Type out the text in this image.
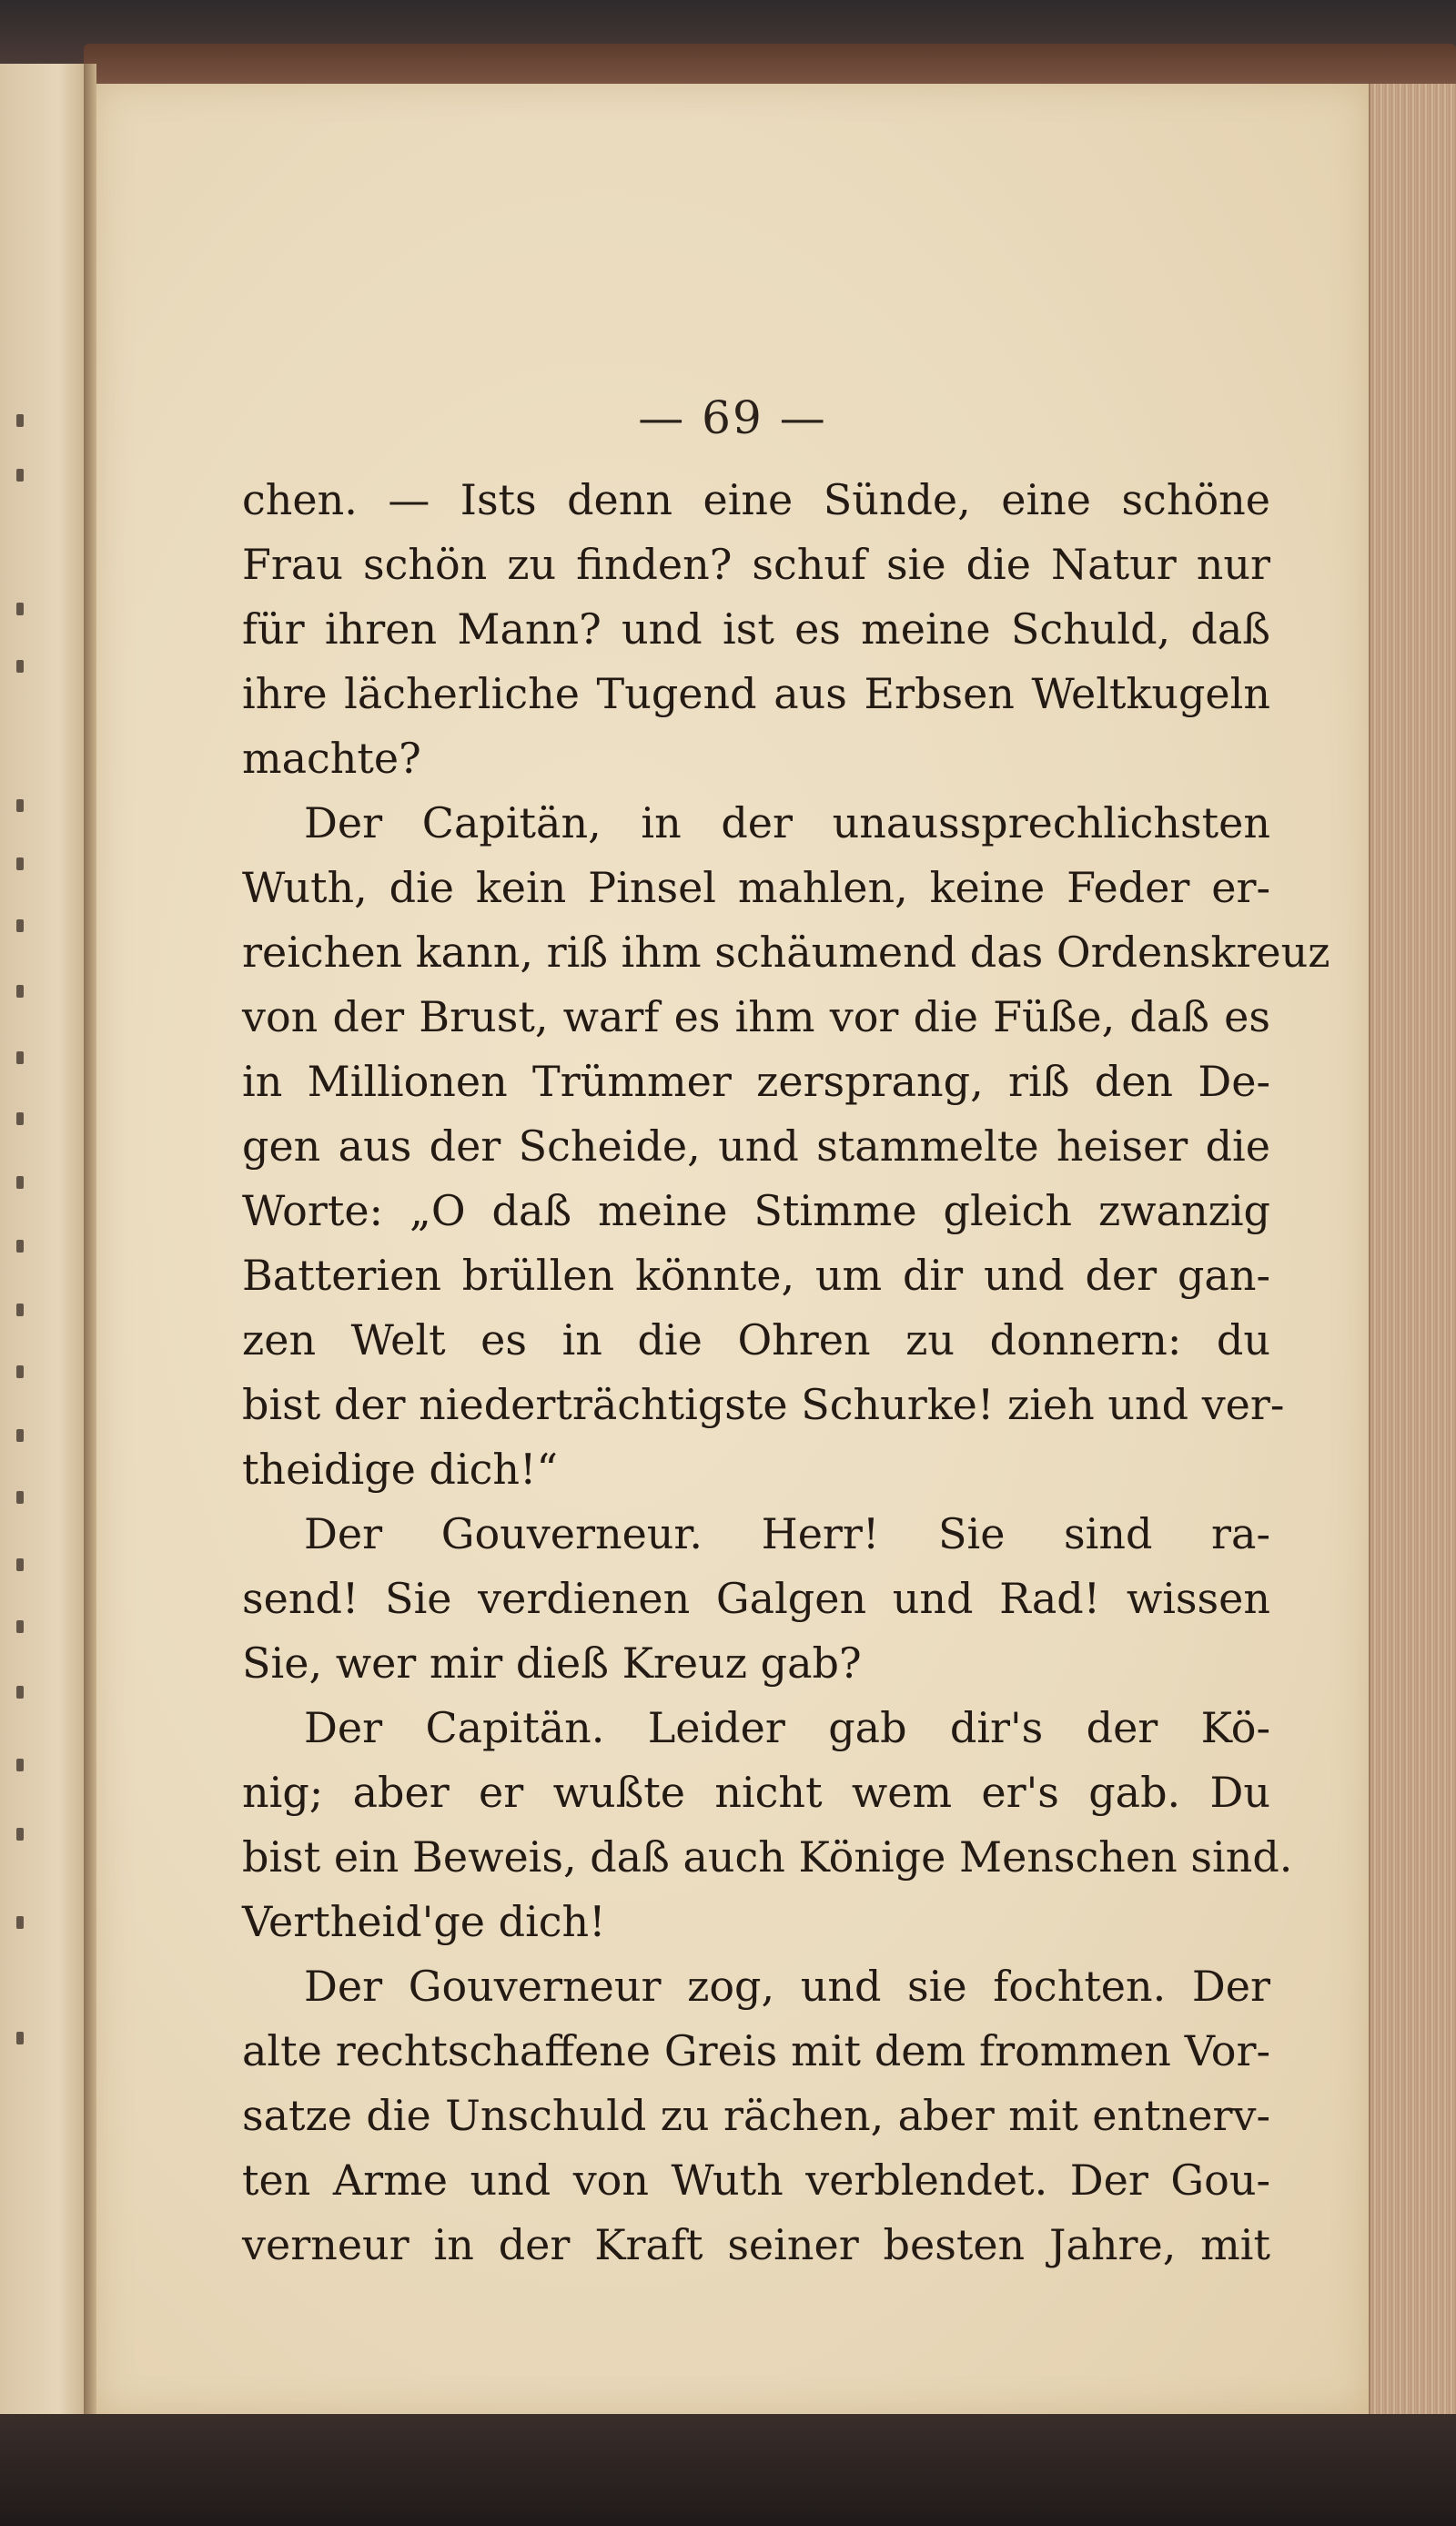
— 69 —
chen. — Ists denn eine Sünde, eine schöne
Frau schön zu finden? schuf sie die Natur nur
für ihren Mann? und ist es meine Schuld, daß
ihre lächerliche Tugend aus Erbsen Weltkugeln
machte?
Der Capitän, in der unaussprechlichsten
Wuth, die kein Pinsel mahlen, keine Feder er-
reichen kann, riß ihm schäumend das Ordenskreuz
von der Brust, warf es ihm vor die Füße, daß es
in Millionen Trümmer zersprang, riß den De-
gen aus der Scheide, und stammelte heiser die
Worte: „O daß meine Stimme gleich zwanzig
Batterien brüllen könnte, um dir und der gan-
zen Welt es in die Ohren zu donnern: du
bist der niederträchtigste Schurke! zieh und ver-
theidige dich!“
Der Gouverneur. Herr! Sie sind ra-
send! Sie verdienen Galgen und Rad! wissen
Sie, wer mir dieß Kreuz gab?
Der Capitän. Leider gab dir's der Kö-
nig; aber er wußte nicht wem er's gab. Du
bist ein Beweis, daß auch Könige Menschen sind.
Vertheid'ge dich!
Der Gouverneur zog, und sie fochten. Der
alte rechtschaffene Greis mit dem frommen Vor-
satze die Unschuld zu rächen, aber mit entnerv-
ten Arme und von Wuth verblendet. Der Gou-
verneur in der Kraft seiner besten Jahre, mit
